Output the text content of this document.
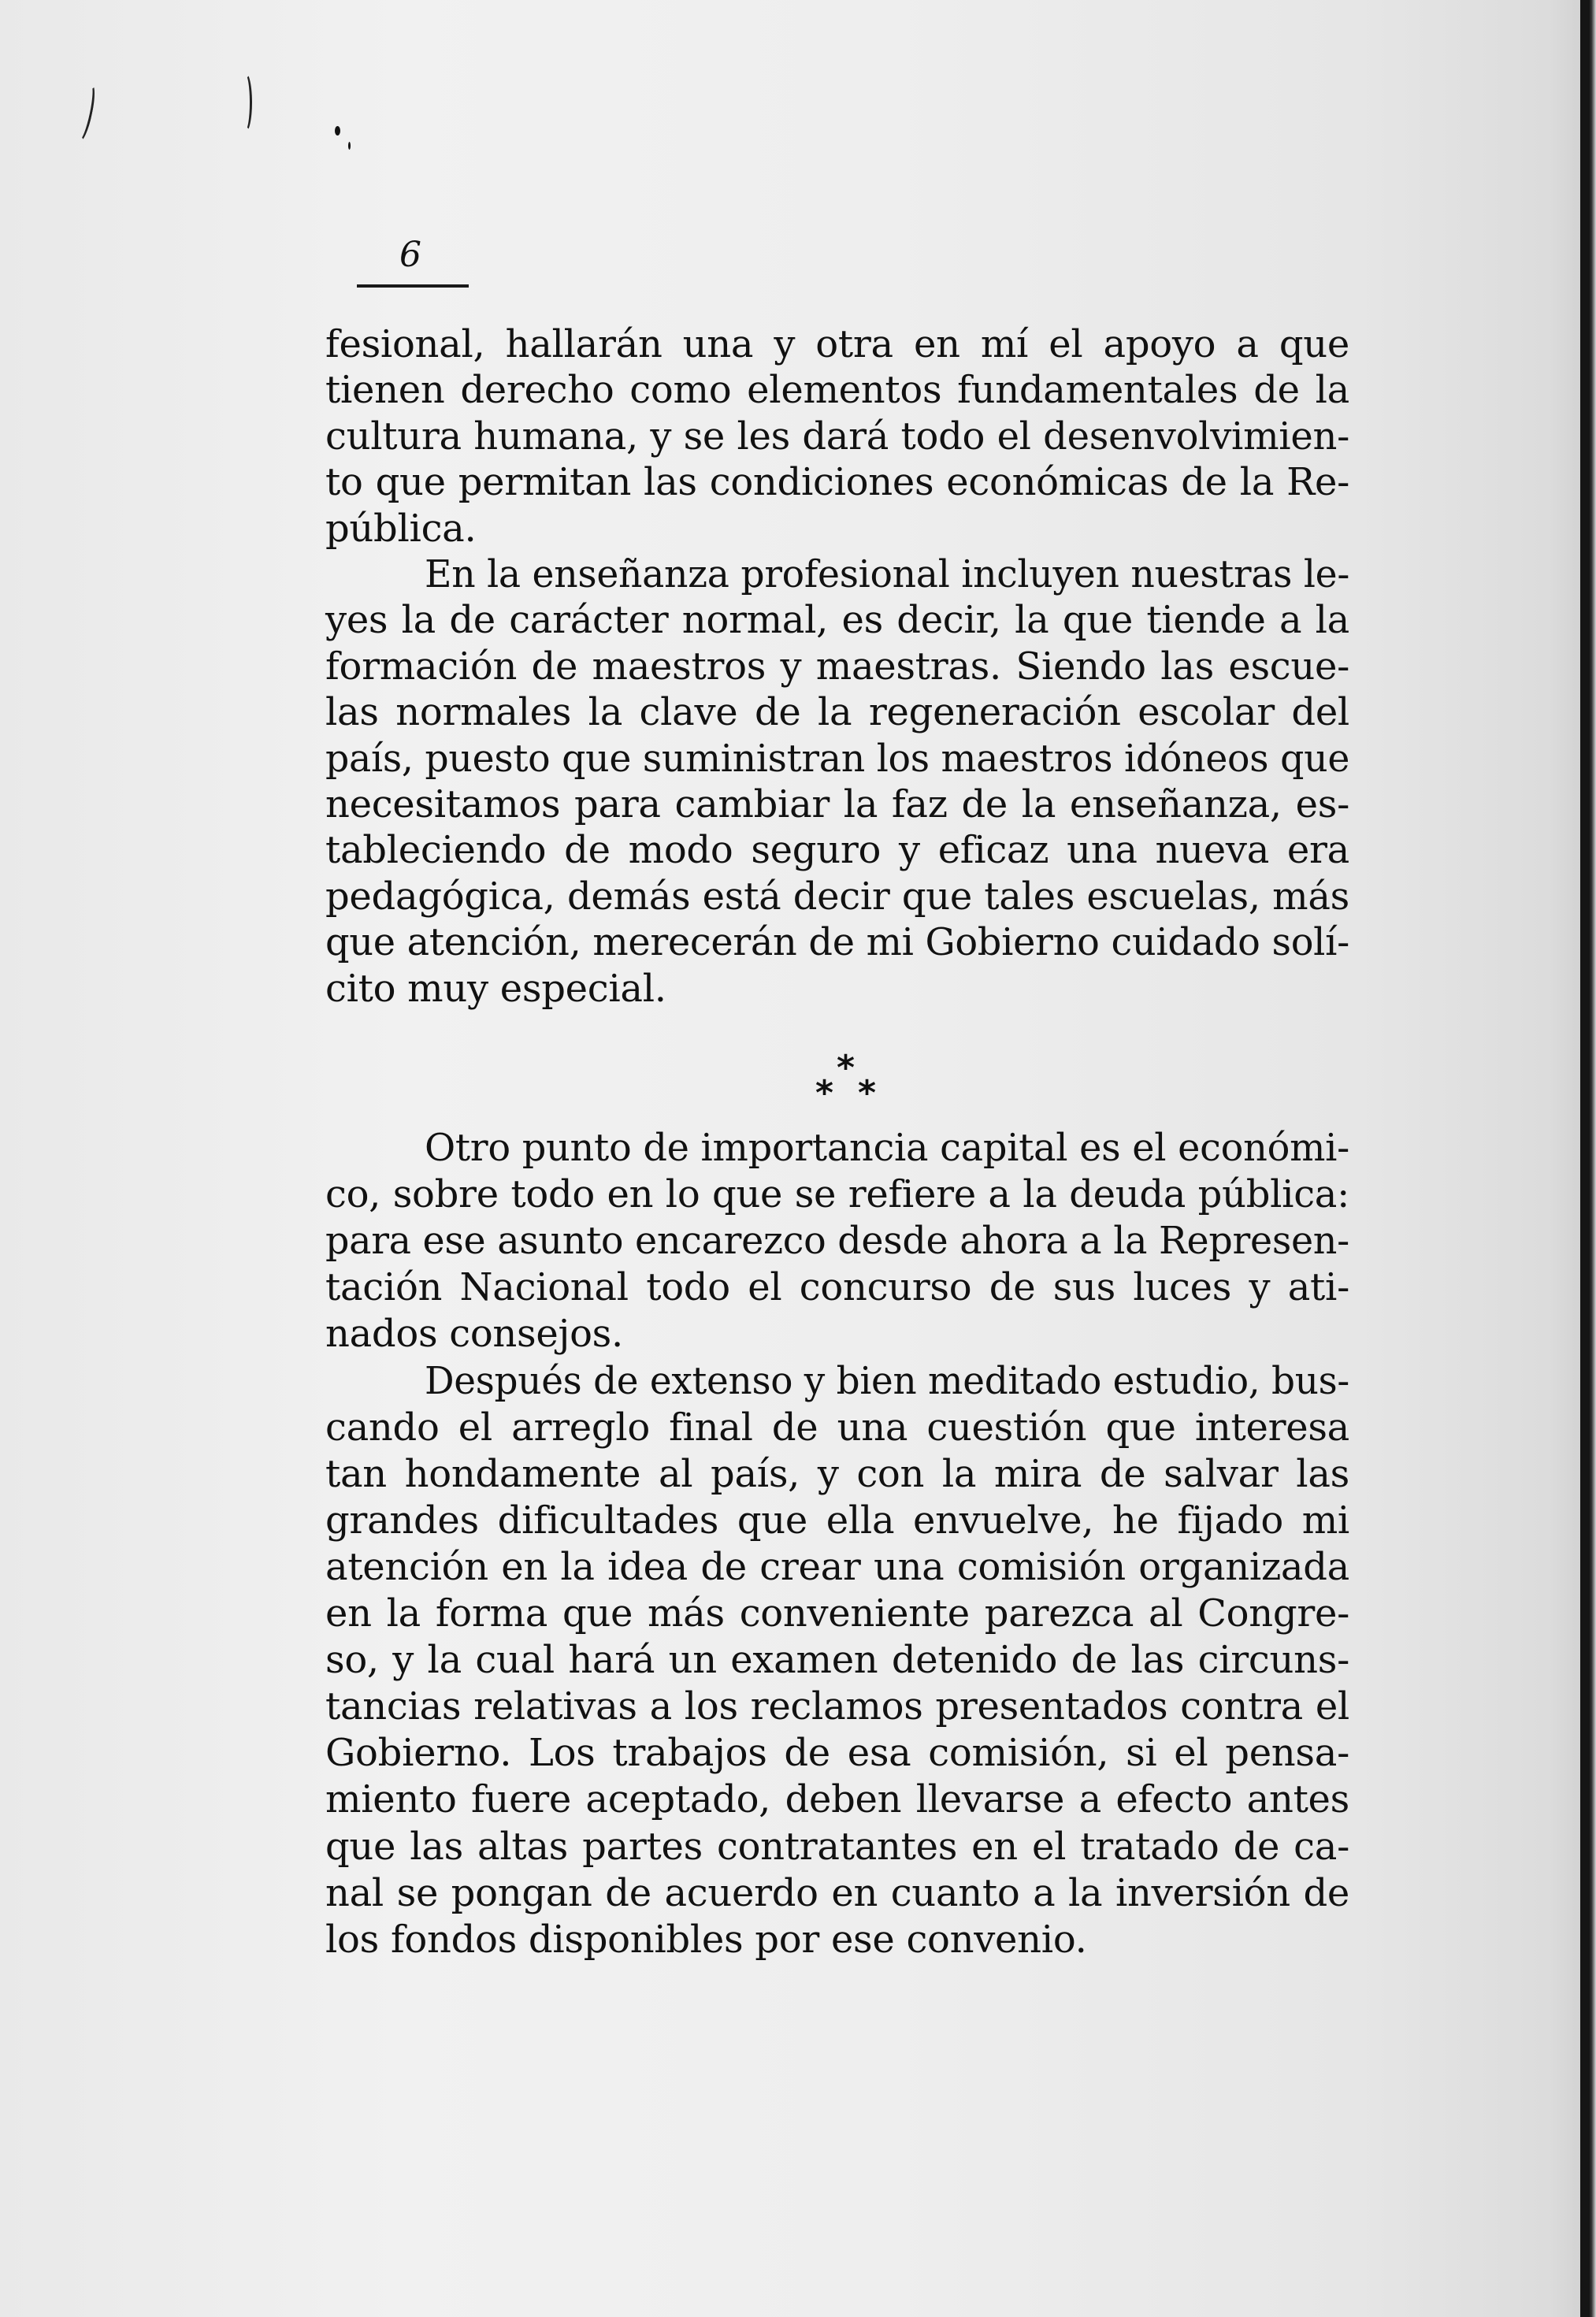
6
fesional, hallarán una y otra en mí el apoyo a que
tienen derecho como elementos fundamentales de la
cultura humana, y se les dará todo el desenvolvimien-
to que permitan las condiciones económicas de la Re-
pública.
En la enseñanza profesional incluyen nuestras le-
yes la de carácter normal, es decir, la que tiende a la
formación de maestros y maestras. Siendo las escue-
las normales la clave de la regeneración escolar del
país, puesto que suministran los maestros idóneos que
necesitamos para cambiar la faz de la enseñanza, es-
tableciendo de modo seguro y eficaz una nueva era
pedagógica, demás está decir que tales escuelas, más
que atención, merecerán de mi Gobierno cuidado solí-
cito muy especial.
Otro punto de importancia capital es el económi-
co, sobre todo en lo que se refiere a la deuda pública:
para ese asunto encarezco desde ahora a la Represen-
tación Nacional todo el concurso de sus luces y ati-
nados consejos.
Después de extenso y bien meditado estudio, bus-
cando el arreglo final de una cuestión que interesa
tan hondamente al país, y con la mira de salvar las
grandes dificultades que ella envuelve, he fijado mi
atención en la idea de crear una comisión organizada
en la forma que más conveniente parezca al Congre-
so, y la cual hará un examen detenido de las circuns-
tancias relativas a los reclamos presentados contra el
Gobierno. Los trabajos de esa comisión, si el pensa-
miento fuere aceptado, deben llevarse a efecto antes
que las altas partes contratantes en el tratado de ca-
nal se pongan de acuerdo en cuanto a la inversión de
los fondos disponibles por ese convenio.
*
* *
